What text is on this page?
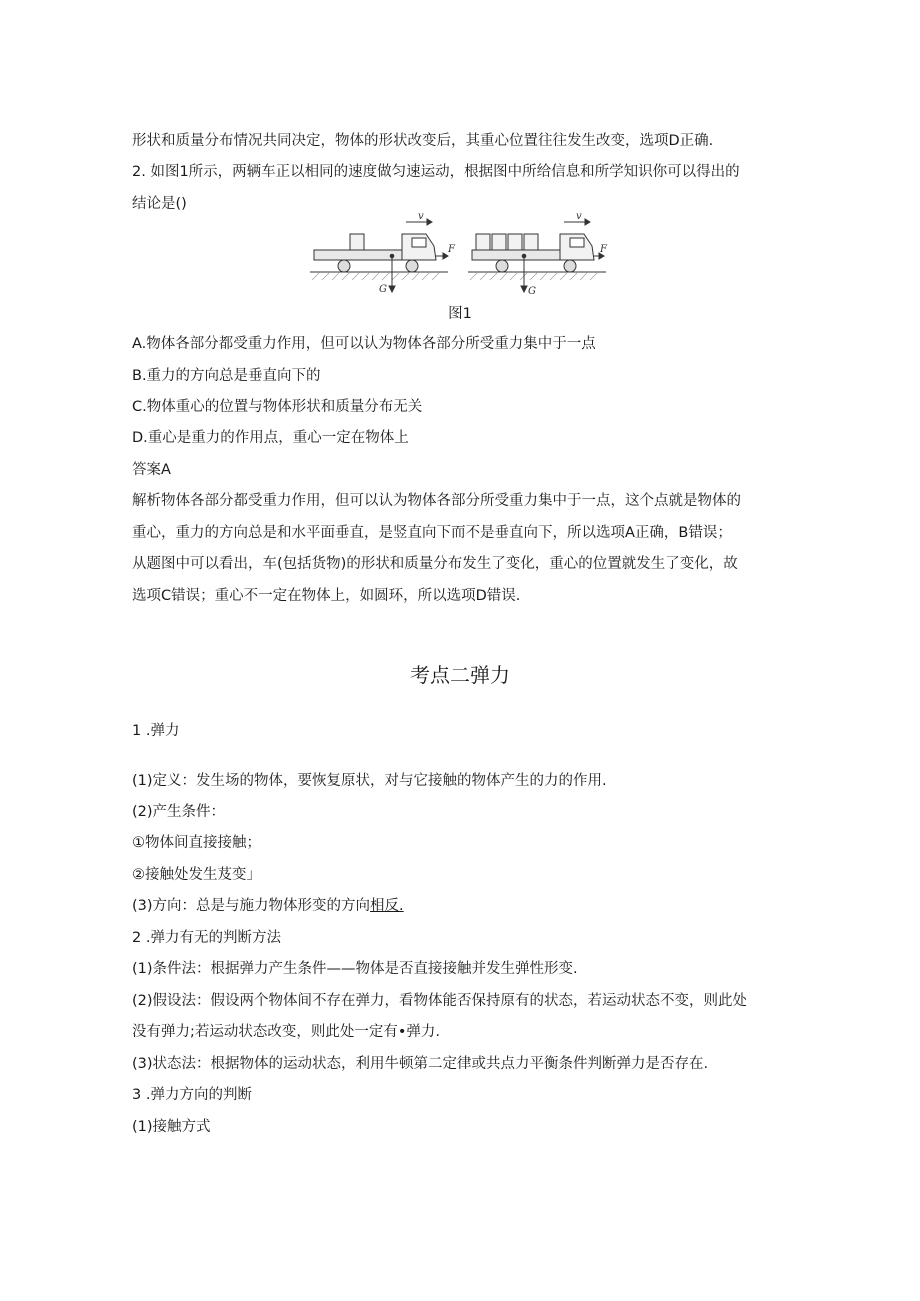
形状和质量分布情况共同决定，物体的形状改变后，其重心位置往往发生改变，选项D正确.
2. 如图1所示，两辆车正以相同的速度做匀速运动，根据图中所给信息和所学知识你可以得出的
结论是()
v	v
F	F
G	G
图1
A.物体各部分都受重力作用，但可以认为物体各部分所受重力集中于一点
B.重力的方向总是垂直向下的
C.物体重心的位置与物体形状和质量分布无关
D.重心是重力的作用点，重心一定在物体上
答案A
解析物体各部分都受重力作用，但可以认为物体各部分所受重力集中于一点，这个点就是物体的
重心，重力的方向总是和水平面垂直，是竖直向下而不是垂直向下，所以选项A正确，B错误；
从题图中可以看出，车(包括货物)的形状和质量分布发生了变化，重心的位置就发生了变化，故
选项C错误；重心不一定在物体上，如圆环，所以选项D错误.
考点二弹力
1 .弹力
(1)定义：发生场的物体，要恢复原状，对与它接触的物体产生的力的作用.
(2)产生条件：
①物体间直接接触；
②接触处发生芨变」
(3)方向：总是与施力物体形变的方向相反.
2 .弹力有无的判断方法
(1)条件法：根据弹力产生条件——物体是否直接接触并发生弹性形变.
(2)假设法：假设两个物体间不存在弹力，看物体能否保持原有的状态，若运动状态不变，则此处
没有弹力;若运动状态改变，则此处一定有•弹力.
(3)状态法：根据物体的运动状态，利用牛顿第二定律或共点力平衡条件判断弹力是否存在.
3 .弹力方向的判断
(1)接触方式
